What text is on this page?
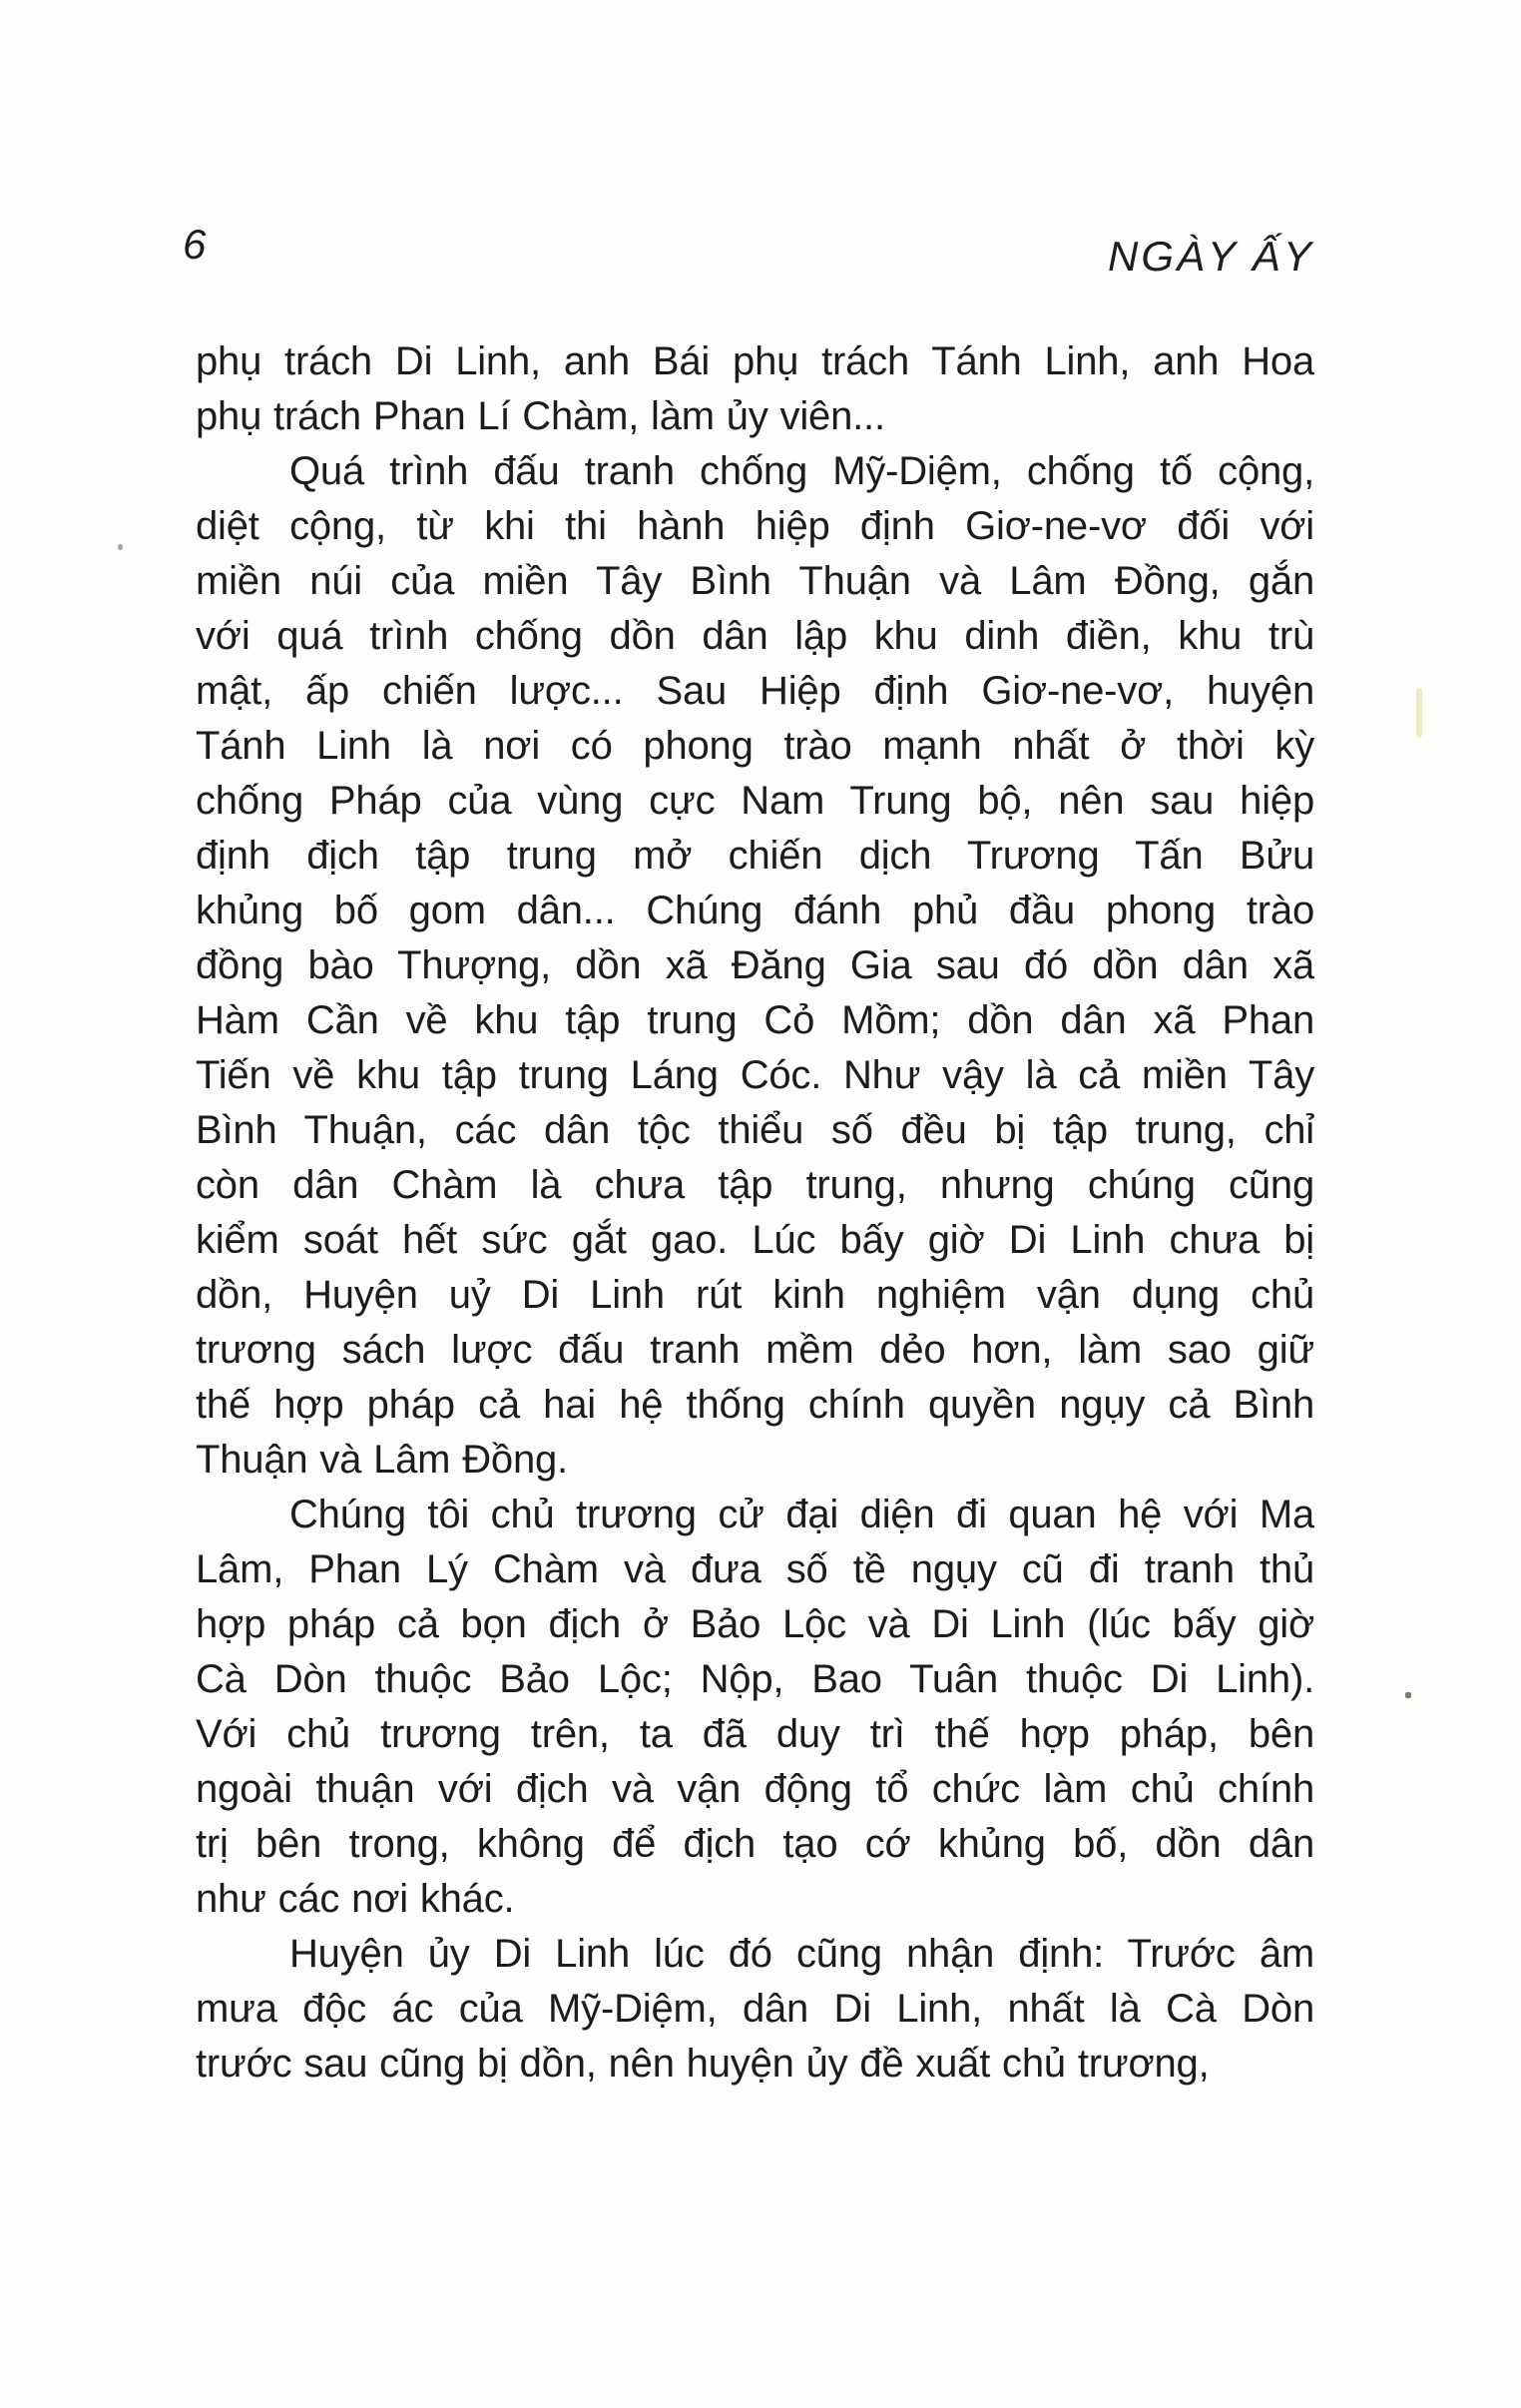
6	NGÀY ẤY
phụ trách Di Linh, anh Bái phụ trách Tánh Linh, anh Hoa
phụ trách Phan Lí Chàm, làm ủy viên...
Quá trình đấu tranh chống Mỹ-Diệm, chống tố cộng,
diệt cộng, từ khi thi hành hiệp định Giơ-ne-vơ đối với
miền núi của miền Tây Bình Thuận và Lâm Đồng, gắn
với quá trình chống dồn dân lập khu dinh điền, khu trù
mật, ấp chiến lược... Sau Hiệp định Giơ-ne-vơ, huyện
Tánh Linh là nơi có phong trào mạnh nhất ở thời kỳ
chống Pháp của vùng cực Nam Trung bộ, nên sau hiệp
định địch tập trung mở chiến dịch Trương Tấn Bửu
khủng bố gom dân... Chúng đánh phủ đầu phong trào
đồng bào Thượng, dồn xã Đăng Gia sau đó dồn dân xã
Hàm Cần về khu tập trung Cỏ Mồm; dồn dân xã Phan
Tiến về khu tập trung Láng Cóc. Như vậy là cả miền Tây
Bình Thuận, các dân tộc thiểu số đều bị tập trung, chỉ
còn dân Chàm là chưa tập trung, nhưng chúng cũng
kiểm soát hết sức gắt gao. Lúc bấy giờ Di Linh chưa bị
dồn, Huyện uỷ Di Linh rút kinh nghiệm vận dụng chủ
trương sách lược đấu tranh mềm dẻo hơn, làm sao giữ
thế hợp pháp cả hai hệ thống chính quyền ngụy cả Bình
Thuận và Lâm Đồng.
Chúng tôi chủ trương cử đại diện đi quan hệ với Ma
Lâm, Phan Lý Chàm và đưa số tề ngụy cũ đi tranh thủ
hợp pháp cả bọn địch ở Bảo Lộc và Di Linh (lúc bấy giờ
Cà Dòn thuộc Bảo Lộc; Nộp, Bao Tuân thuộc Di Linh).
Với chủ trương trên, ta đã duy trì thế hợp pháp, bên
ngoài thuận với địch và vận động tổ chức làm chủ chính
trị bên trong, không để địch tạo cớ khủng bố, dồn dân
như các nơi khác.
Huyện ủy Di Linh lúc đó cũng nhận định: Trước âm
mưa độc ác của Mỹ-Diệm, dân Di Linh, nhất là Cà Dòn
trước sau cũng bị dồn, nên huyện ủy đề xuất chủ trương,
